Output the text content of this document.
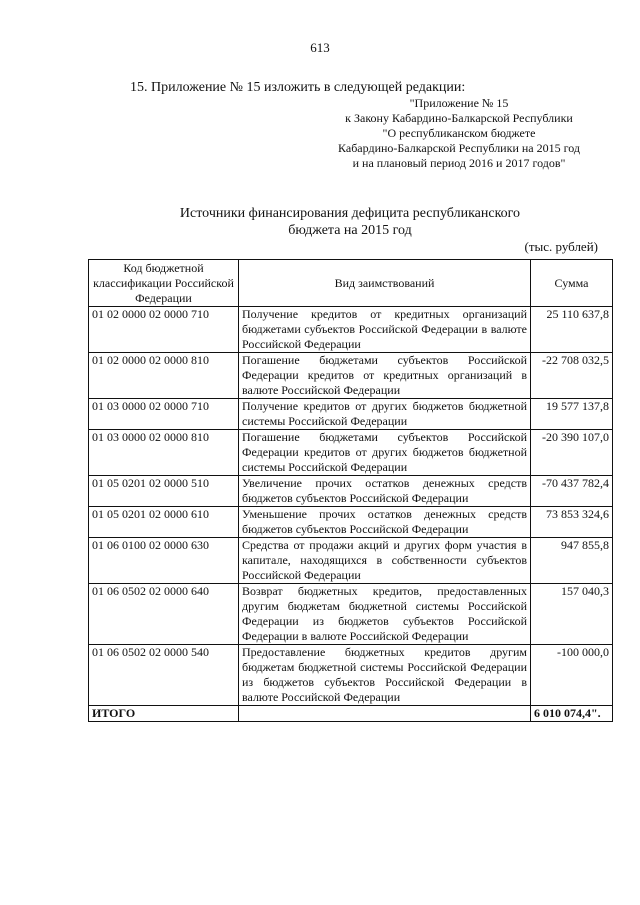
613
15. Приложение № 15 изложить в следующей редакции:
"Приложение № 15
к Закону Кабардино-Балкарской Республики
"О республиканском бюджете
Кабардино-Балкарской Республики на 2015 год
и на плановый период 2016 и 2017 годов"
Источники финансирования дефицита республиканского
бюджета на 2015 год
(тыс. рублей)
Код бюджетной классификации Российской Федерации	Вид заимствований	Сумма
01 02 0000 02 0000 710	Получение кредитов от кредитных организаций бюджетами субъектов Российской Федерации в валюте Российской Федерации	25 110 637,8
01 02 0000 02 0000 810	Погашение бюджетами субъектов Российской Федерации кредитов от кредитных организаций в валюте Российской Федерации	-22 708 032,5
01 03 0000 02 0000 710	Получение кредитов от других бюджетов бюджетной системы Российской Федерации	19 577 137,8
01 03 0000 02 0000 810	Погашение бюджетами субъектов Российской Федерации кредитов от других бюджетов бюджетной системы Российской Федерации	-20 390 107,0
01 05 0201 02 0000 510	Увеличение прочих остатков денежных средств бюджетов субъектов Российской Федерации	-70 437 782,4
01 05 0201 02 0000 610	Уменьшение прочих остатков денежных средств бюджетов субъектов Российской Федерации	73 853 324,6
01 06 0100 02 0000 630	Средства от продажи акций и других форм участия в капитале, находящихся в собственности субъектов Российской Федерации	947 855,8
01 06 0502 02 0000 640	Возврат бюджетных кредитов, предоставленных другим бюджетам бюджетной системы Российской Федерации из бюджетов субъектов Российской Федерации в валюте Российской Федерации	157 040,3
01 06 0502 02 0000 540	Предоставление бюджетных кредитов другим бюджетам бюджетной системы Российской Федерации из бюджетов субъектов Российской Федерации в валюте Российской Федерации	-100 000,0
ИТОГО		6 010 074,4".
